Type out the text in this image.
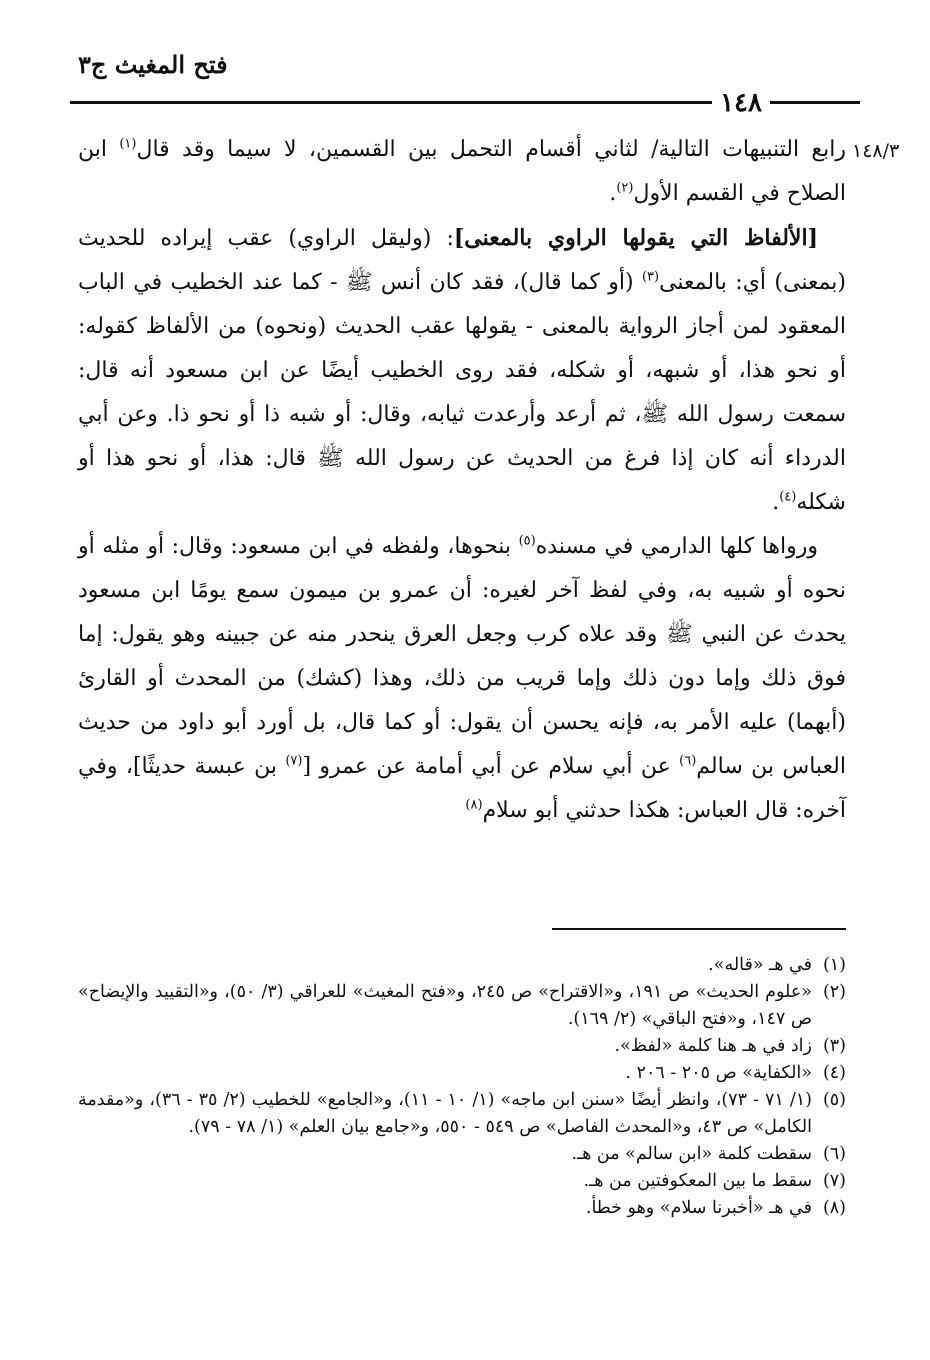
فتح المغيث ج٣
١٤٨
١٤٨/٣

رابع التنبيهات التالية/ لثاني أقسام التحمل بين القسمين، لا سيما وقد قال$^{(١)}$ ابن الصلاح في القسم الأول$^{(٢)}$.

[الألفاظ التي يقولها الراوي بالمعنى]: (وليقل الراوي) عقب إيراده للحديث (بمعنى) أي: بالمعنى$^{(٣)}$ (أو كما قال)، فقد كان أنس ﷺ - كما عند الخطيب في الباب المعقود لمن أجاز الرواية بالمعنى - يقولها عقب الحديث (ونحوه) من الألفاظ كقوله: أو نحو هذا، أو شبهه، أو شكله، فقد روى الخطيب أيضًا عن ابن مسعود أنه قال: سمعت رسول الله ﷺ، ثم أرعد وأرعدت ثيابه، وقال: أو شبه ذا أو نحو ذا. وعن أبي الدرداء أنه كان إذا فرغ من الحديث عن رسول الله ﷺ قال: هذا، أو نحو هذا أو شكله$^{(٤)}$.

ورواها كلها الدارمي في مسنده$^{(٥)}$ بنحوها، ولفظه في ابن مسعود: وقال: أو مثله أو نحوه أو شبيه به، وفي لفظ آخر لغيره: أن عمرو بن ميمون سمع يومًا ابن مسعود يحدث عن النبي ﷺ وقد علاه كرب وجعل العرق ينحدر منه عن جبينه وهو يقول: إما فوق ذلك وإما دون ذلك وإما قريب من ذلك، وهذا (كشك) من المحدث أو القارئ (أبهما) عليه الأمر به، فإنه يحسن أن يقول: أو كما قال، بل أورد أبو داود من حديث العباس بن سالم$^{(٦)}$ عن أبي سلام عن أبي أمامة عن عمرو [$^{(٧)}$ بن عبسة حديثًا]، وفي آخره: قال العباس: هكذا حدثني أبو سلام$^{(٨)}$

(١)
في هـ «قاله».
(٢)
«علوم الحديث» ص ١٩١، و«الاقتراح» ص ٢٤٥، و«فتح المغيث» للعراقي (٣/ ٥٠)، و«التقييد والإيضاح» ص ١٤٧، و«فتح الباقي» (٢/ ١٦٩).
(٣)
زاد في هـ هنا كلمة «لفظ».
(٤)
«الكفاية» ص ٢٠٥ - ٢٠٦ .
(٥)
(١/ ٧١ - ٧٣)، وانظر أيضًا «سنن ابن ماجه» (١/ ١٠ - ١١)، و«الجامع» للخطيب (٢/ ٣٥ - ٣٦)، و«مقدمة الكامل» ص ٤٣، و«المحدث الفاصل» ص ٥٤٩ - ٥٥٠، و«جامع بيان العلم» (١/ ٧٨ - ٧٩).
(٦)
سقطت كلمة «ابن سالم» من هـ.
(٧)
سقط ما بين المعكوفتين من هـ.
(٨)
في هـ «أخبرنا سلام» وهو خطأ.
